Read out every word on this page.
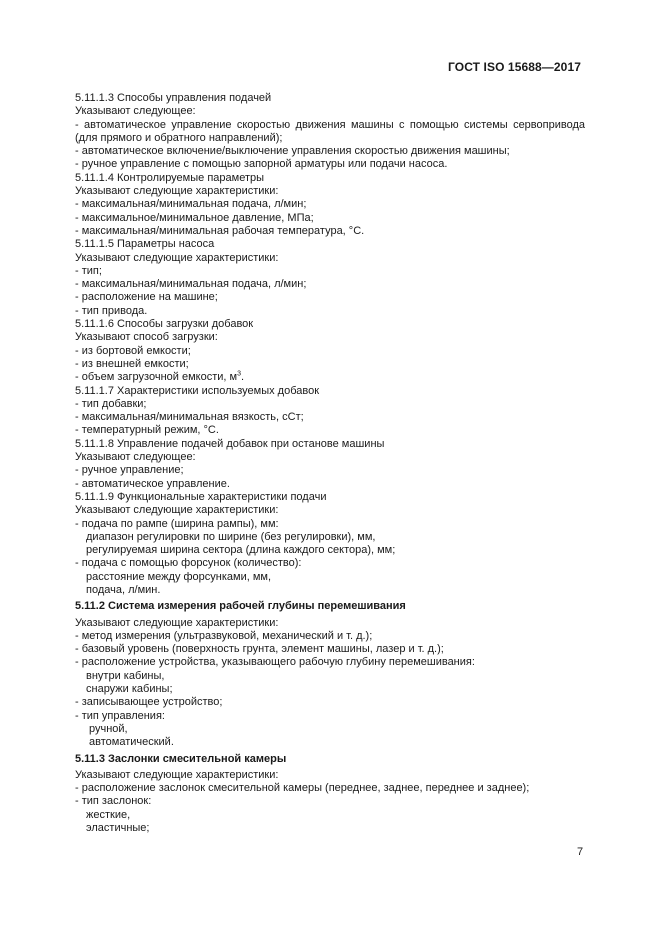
ГОСТ ISO 15688—2017
5.11.1.3 Способы управления подачей
Указывают следующее:
- автоматическое управление скоростью движения машины с помощью системы сервопривода (для прямого и обратного направлений);
- автоматическое включение/выключение управления скоростью движения машины;
- ручное управление с помощью запорной арматуры или подачи насоса.
5.11.1.4 Контролируемые параметры
Указывают следующие характеристики:
- максимальная/минимальная подача, л/мин;
- максимальное/минимальное давление, МПа;
- максимальная/минимальная рабочая температура, °С.
5.11.1.5 Параметры насоса
Указывают следующие характеристики:
- тип;
- максимальная/минимальная подача, л/мин;
- расположение на машине;
- тип привода.
5.11.1.6 Способы загрузки добавок
Указывают способ загрузки:
- из бортовой емкости;
- из внешней емкости;
- объем загрузочной емкости, $м^3$.
5.11.1.7 Характеристики используемых добавок
- тип добавки;
- максимальная/минимальная вязкость, сСт;
- температурный режим, °С.
5.11.1.8 Управление подачей добавок при останове машины
Указывают следующее:
- ручное управление;
- автоматическое управление.
5.11.1.9 Функциональные характеристики подачи
Указывают следующие характеристики:
- подача по рампе (ширина рампы), мм:
диапазон регулировки по ширине (без регулировки), мм,
регулируемая ширина сектора (длина каждого сектора), мм;
- подача с помощью форсунок (количество):
расстояние между форсунками, мм,
подача, л/мин.
5.11.2 Система измерения рабочей глубины перемешивания
Указывают следующие характеристики:
- метод измерения (ультразвуковой, механический и т. д.);
- базовый уровень (поверхность грунта, элемент машины, лазер и т. д.);
- расположение устройства, указывающего рабочую глубину перемешивания:
внутри кабины,
снаружи кабины;
- записывающее устройство;
- тип управления:
ручной,
автоматический.
5.11.3 Заслонки смесительной камеры
Указывают следующие характеристики:
- расположение заслонок смесительной камеры (переднее, заднее, переднее и заднее);
- тип заслонок:
жесткие,
эластичные;
7
